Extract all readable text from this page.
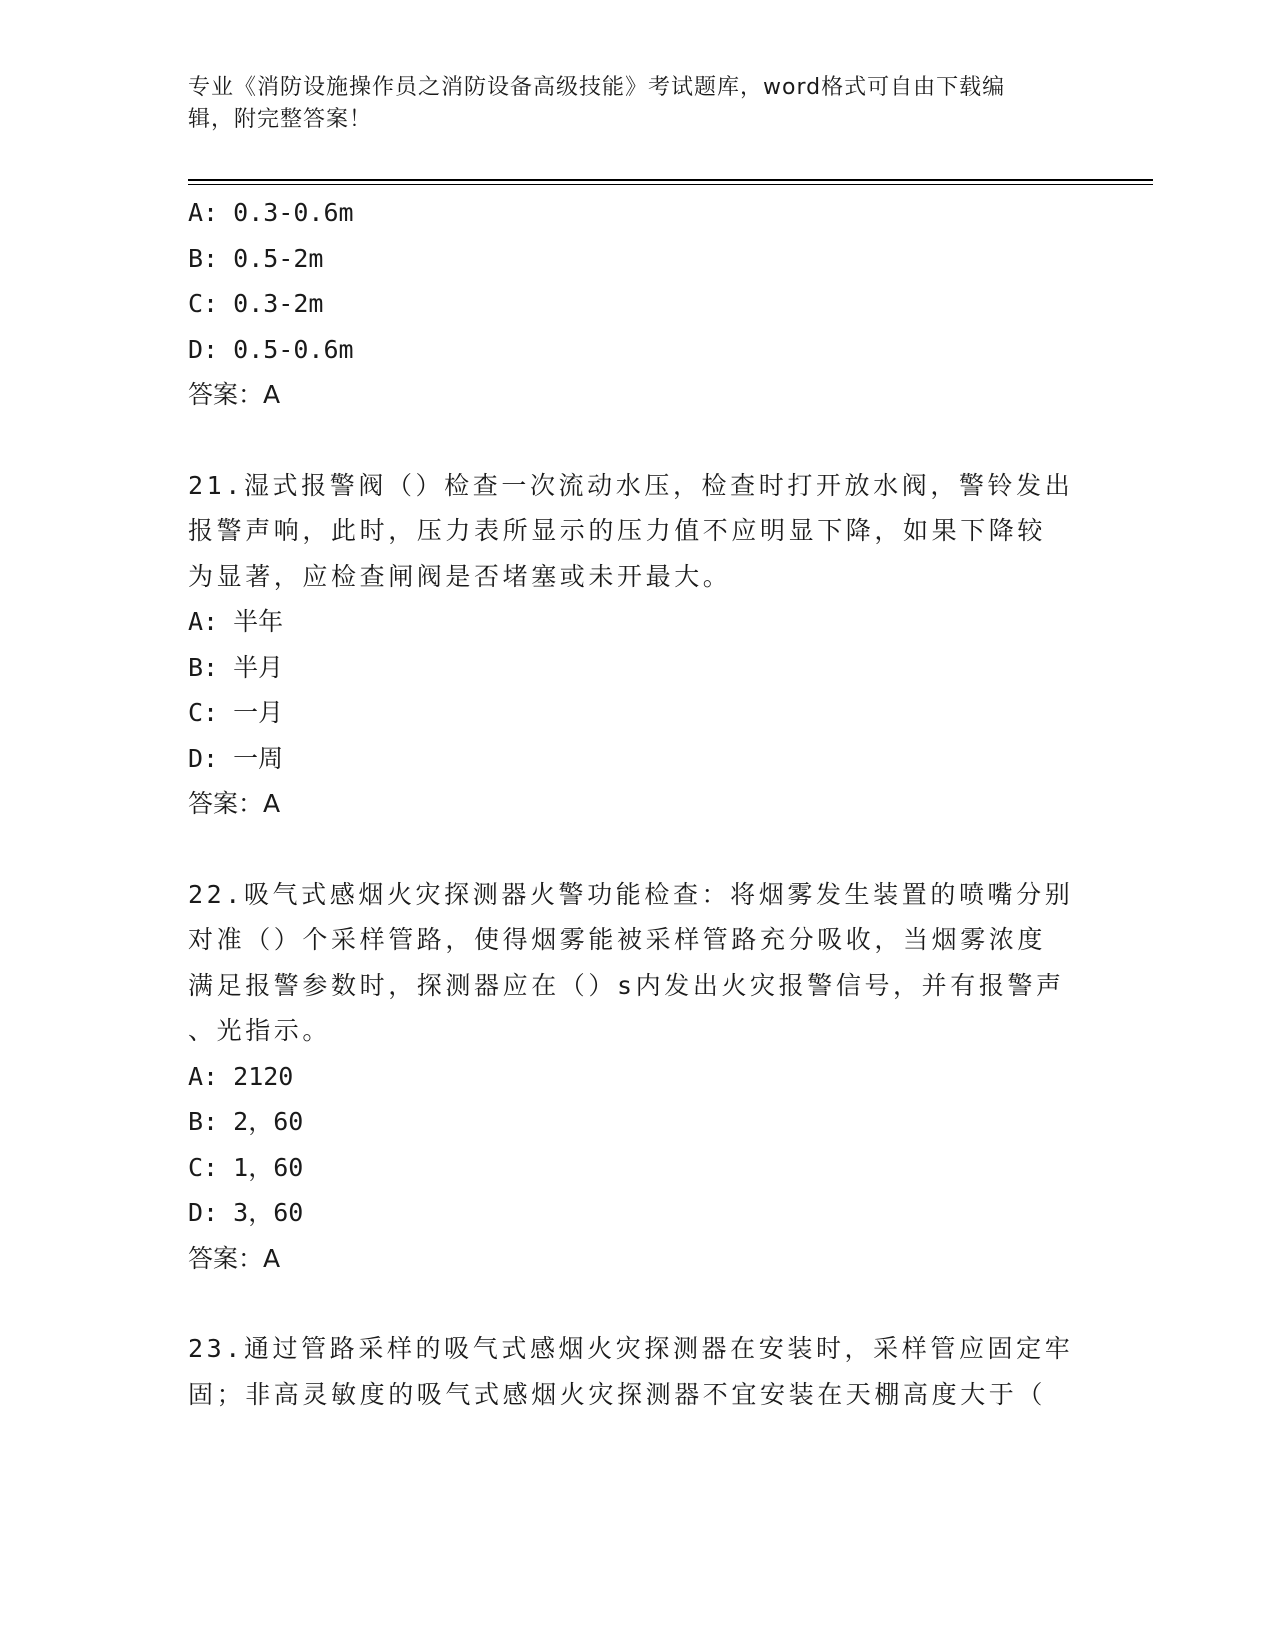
专业《消防设施操作员之消防设备高级技能》考试题库，word格式可自由下载编
辑，附完整答案！
A: 0.3-0.6m
B: 0.5-2m
C: 0.3-2m
D: 0.5-0.6m
答案：A
21.湿式报警阀（）检查一次流动水压，检查时打开放水阀，警铃发出
报警声响，此时，压力表所显示的压力值不应明显下降，如果下降较
为显著，应检查闸阀是否堵塞或未开最大。
A: 半年
B: 半月
C: 一月
D: 一周
答案：A
22.吸气式感烟火灾探测器火警功能检查：将烟雾发生装置的喷嘴分别
对准（）个采样管路，使得烟雾能被采样管路充分吸收，当烟雾浓度
满足报警参数时，探测器应在（）s内发出火灾报警信号，并有报警声
、光指示。
A: 2120
B: 2，60
C: 1，60
D: 3，60
答案：A
23.通过管路采样的吸气式感烟火灾探测器在安装时，采样管应固定牢
固；非高灵敏度的吸气式感烟火灾探测器不宜安装在天棚高度大于（
